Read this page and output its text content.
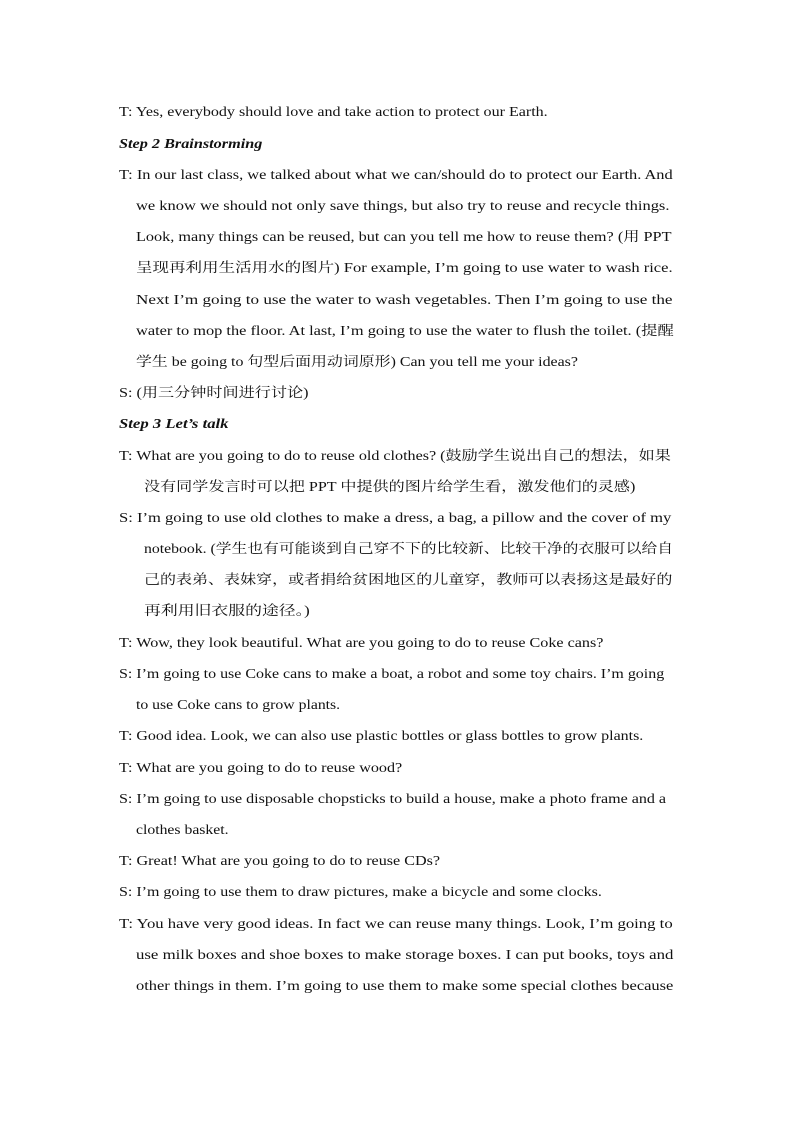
T: Yes, everybody should love and take action to protect our Earth.
Step 2 Brainstorming
T: In our last class, we talked about what we can/should do to protect our Earth. And
we know we should not only save things, but also try to reuse and recycle things.
Look, many things can be reused, but can you tell me how to reuse them? (用 PPT
呈现再利用生活用水的图片) For example, I’m going to use water to wash rice.
Next I’m going to use the water to wash vegetables. Then I’m going to use the
water to mop the floor. At last, I’m going to use the water to flush the toilet. (提醒
学生 be going to 句型后面用动词原形) Can you tell me your ideas?
S: (用三分钟时间进行讨论)
Step 3 Let’s talk
T: What are you going to do to reuse old clothes? (鼓励学生说出自己的想法，如果
没有同学发言时可以把 PPT 中提供的图片给学生看，激发他们的灵感)
S: I’m going to use old clothes to make a dress, a bag, a pillow and the cover of my
notebook. (学生也有可能谈到自己穿不下的比较新、比较干净的衣服可以给自
己的表弟、表妹穿，或者捐给贫困地区的儿童穿，教师可以表扬这是最好的
再利用旧衣服的途径。)
T: Wow, they look beautiful. What are you going to do to reuse Coke cans?
S: I’m going to use Coke cans to make a boat, a robot and some toy chairs. I’m going
to use Coke cans to grow plants.
T: Good idea. Look, we can also use plastic bottles or glass bottles to grow plants.
T: What are you going to do to reuse wood?
S: I’m going to use disposable chopsticks to build a house, make a photo frame and a
clothes basket.
T: Great! What are you going to do to reuse CDs?
S: I’m going to use them to draw pictures, make a bicycle and some clocks.
T: You have very good ideas. In fact we can reuse many things. Look, I’m going to
use milk boxes and shoe boxes to make storage boxes. I can put books, toys and
other things in them. I’m going to use them to make some special clothes because
